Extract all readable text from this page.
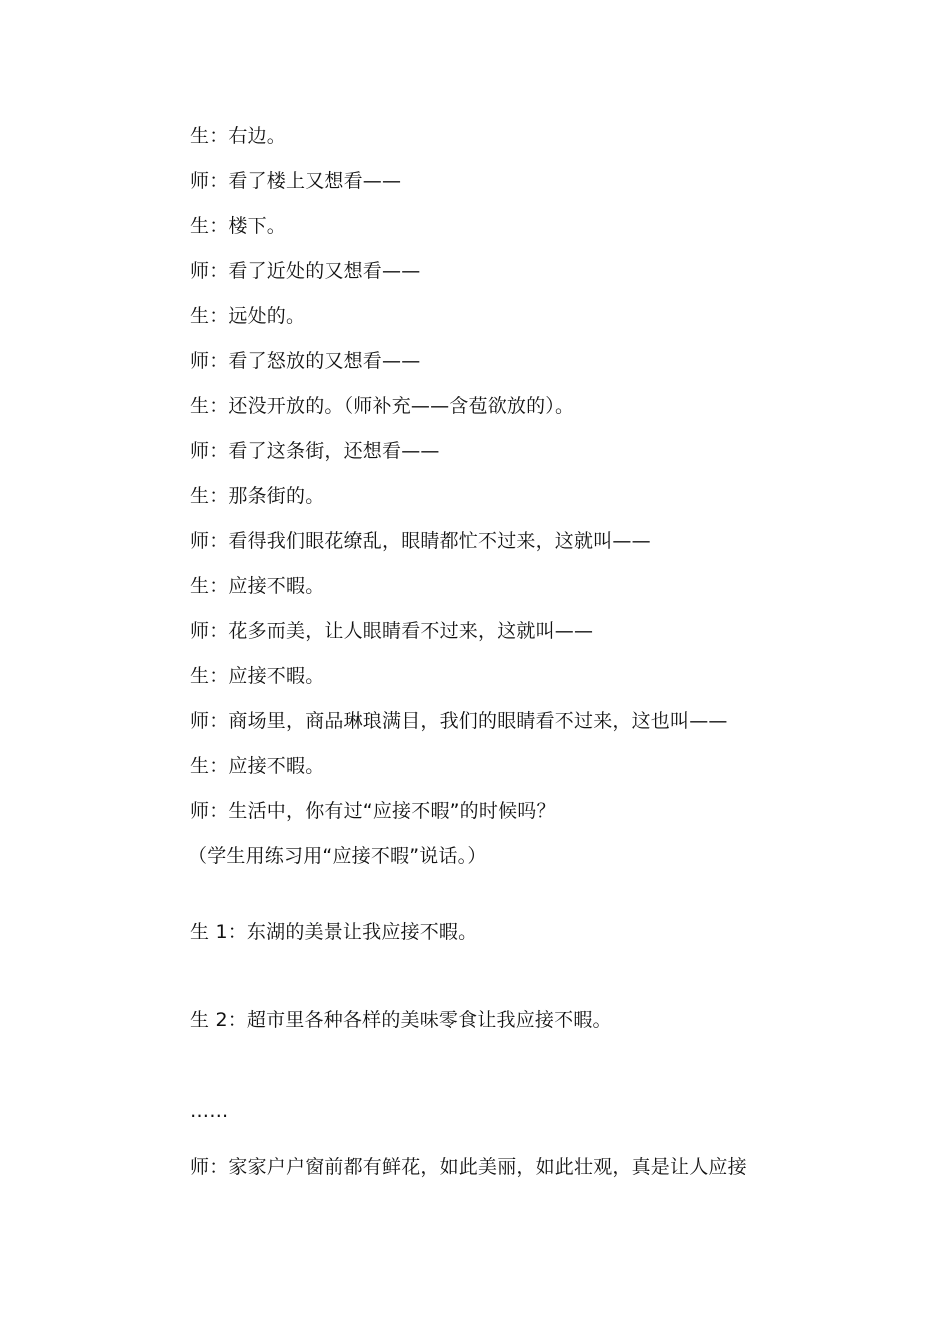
生：右边。
师：看了楼上又想看——
生：楼下。
师：看了近处的又想看——
生：远处的。
师：看了怒放的又想看——
生：还没开放的。（师补充——含苞欲放的）。
师：看了这条街，还想看——
生：那条街的。
师：看得我们眼花缭乱，眼睛都忙不过来，这就叫——
生：应接不暇。
师：花多而美，让人眼睛看不过来，这就叫——
生：应接不暇。
师：商场里，商品琳琅满目，我们的眼睛看不过来，这也叫——
生：应接不暇。
师：生活中，你有过“应接不暇”的时候吗？
（学生用练习用“应接不暇”说话。）
生 1：东湖的美景让我应接不暇。
生 2：超市里各种各样的美味零食让我应接不暇。
……
师：家家户户窗前都有鲜花，如此美丽，如此壮观，真是让人应接
